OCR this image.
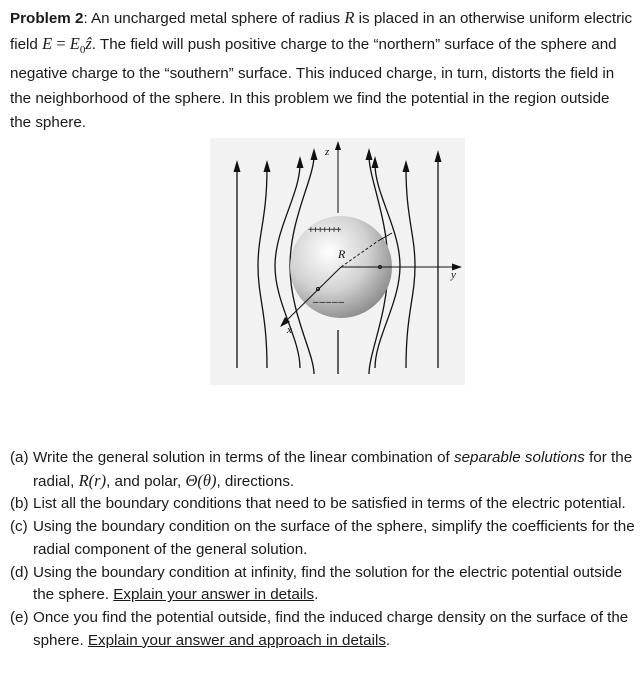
Problem 2: An uncharged metal sphere of radius R is placed in an otherwise uniform electric field $E = E_0ẑ$. The field will push positive charge to the “northern” surface of the sphere and negative charge to the “southern” surface. This induced charge, in turn, distorts the field in the neighborhood of the sphere. In this problem we find the potential in the region outside the sphere.
z
y
x
R
+ + + + + + +
– – – – –
(a) Write the general solution in terms of the linear combination of separable solutions for the radial, R(r), and polar, Θ(θ), directions.
(b) List all the boundary conditions that need to be satisfied in terms of the electric potential.
(c) Using the boundary condition on the surface of the sphere, simplify the coefficients for the radial component of the general solution.
(d) Using the boundary condition at infinity, find the solution for the electric potential outside the sphere. Explain your answer in details.
(e) Once you find the potential outside, find the induced charge density on the surface of the sphere. Explain your answer and approach in details.
